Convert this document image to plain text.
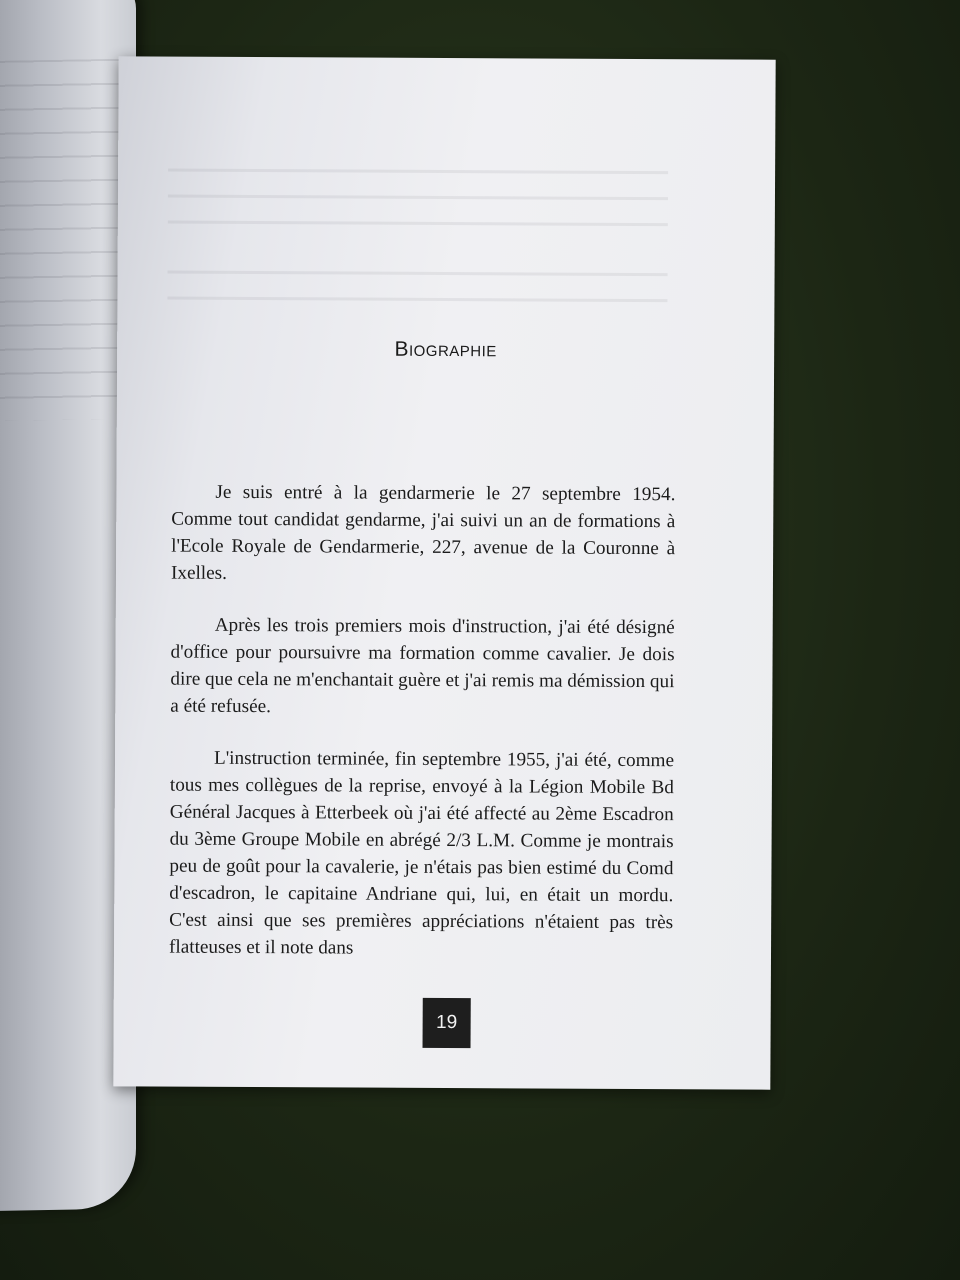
Biographie

Je suis entré à la gendarmerie le 27 septembre 1954. Comme tout candidat gendarme, j'ai suivi un an de formations à l'Ecole Royale de Gendarmerie, 227, avenue de la Couronne à Ixelles.

Après les trois premiers mois d'instruction, j'ai été désigné d'office pour poursuivre ma formation comme cavalier. Je dois dire que cela ne m'enchantait guère et j'ai remis ma démission qui a été refusée.

L'instruction terminée, fin septembre 1955, j'ai été, comme tous mes collègues de la reprise, envoyé à la Légion Mobile Bd Général Jacques à Etterbeek où j'ai été affecté au 2ème Escadron du 3ème Groupe Mobile en abrégé 2/3 L.M. Comme je montrais peu de goût pour la cavalerie, je n'étais pas bien estimé du Comd d'escadron, le capitaine Andriane qui, lui, en était un mordu. C'est ainsi que ses premières appréciations n'étaient pas très flatteuses et il note dans

19
